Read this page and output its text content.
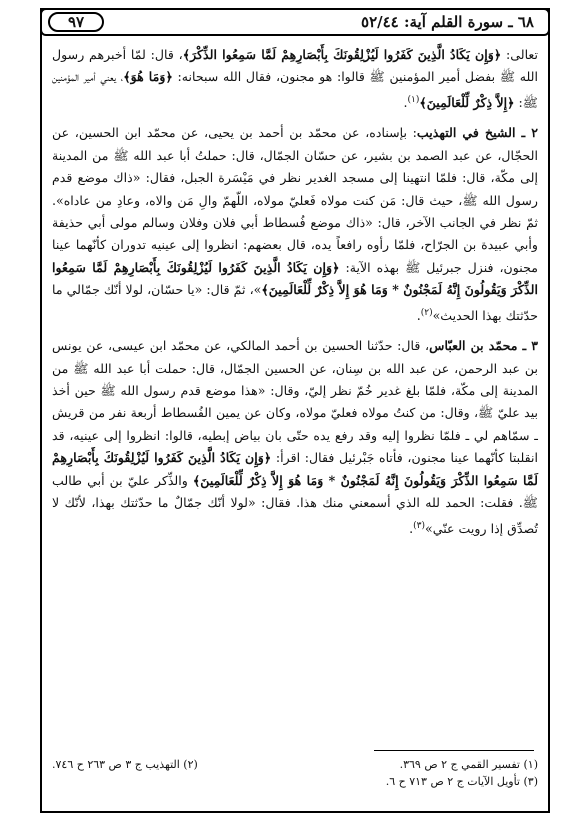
٩٧	٦٨ ـ سورة القلم آية: ٥٢/٤٤

تعالى: ﴿وَإِن يَكَادُ الَّذِينَ كَفَرُوا لَيُزْلِقُونَكَ بِأَبْصَارِهِمْ لَمَّا سَمِعُوا الذِّكْرَ﴾، قال: لمّا أخبرهم رسول الله ﷺ بفضل أمير المؤمنين ﷺ قالوا: هو مجنون، فقال الله سبحانه: ﴿وَمَا هُوَ﴾، يعني أمير المؤمنين ﷺ: ﴿إِلاَّ ذِكْرٌ لِّلْعَالَمِينَ﴾$^{(١)}$.

٢ ـ الشيخ في التهذيب: بإسناده، عن محمّد بن أحمد بن يحيى، عن محمّد ابن الحسين، عن الحجّال، عن عبد الصمد بن بشير، عن حسّان الجمّال، قال: حملتُ أبا عبد الله ﷺ من المدينة إلى مكّة، قال: فلمّا انتهينا إلى مسجد الغدير نظر في مَيْسَرة الجبل، فقال: «ذاك موضع قدم رسول الله ﷺ، حيث قال: مَن كنت مولاه فَعليّ مولاه، اللّهمّ والِ مَن والاه، وعادِ من عاداه». ثمّ نظر في الجانب الآخر، قال: «ذاك موضع فُسطاط أبي فلان وفلان وسالم مولى أبي حذيفة وأبي عبيدة بن الجرّاح، فلمّا رأوه رافعاً يده، قال بعضهم: انظروا إلى عينيه تدوران كأنّهما عينا مجنون، فنزل جبرئيل ﷺ بهذه الآية: ﴿وَإِن يَكَادُ الَّذِينَ كَفَرُوا لَيُزْلِقُونَكَ بِأَبْصَارِهِمْ لَمَّا سَمِعُوا الذِّكْرَ وَيَقُولُونَ إِنَّهُ لَمَجْنُونٌ * وَمَا هُوَ إِلاَّ ذِكْرٌ لِّلْعَالَمِينَ﴾»، ثمّ قال: «يا حسّان، لولا أنّك جمّالي ما حدّثتك بهذا الحديث»$^{(٢)}$.

٣ ـ محمّد بن العبّاس، قال: حدّثنا الحسين بن أحمد المالكي، عن محمّد ابن عيسى، عن يونس بن عبد الرحمن، عن عبد الله بن سِنان، عن الحسين الجمّال، قال: حملت أبا عبد الله ﷺ من المدينة إلى مكّة، فلمّا بلغ غدير خُمّ نظر إليّ، وقال: «هذا موضع قدم رسول الله ﷺ حين أخذ بيد عليّ ﷺ، وقال: من كنتُ مولاه فعليّ مولاه، وكان عن يمين الفُسطاط أربعة نفر من قريش ـ سمّاهم لي ـ فلمّا نظروا إليه وقد رفع يده حتّى بان بياض إبطيه، قالوا: انظروا إلى عينيه، قد انقلبتا كأنّهما عينا مجنون، فأتاه جَبْرئيل فقال: اقرأ: ﴿وَإِن يَكَادُ الَّذِينَ كَفَرُوا لَيُزْلِقُونَكَ بِأَبْصَارِهِمْ لَمَّا سَمِعُوا الذِّكْرَ وَيَقُولُونَ إِنَّهُ لَمَجْنُونٌ * وَمَا هُوَ إِلاَّ ذِكْرٌ لِّلْعَالَمِينَ﴾ والذِّكر عليّ بن أبي طالب ﷺ. فقلت: الحمد لله الذي أسمعني منك هذا. فقال: «لولا أنّك جمّالٌ ما حدّثتك بهذا، لأنّك لا تُصدِّق إذا رويت عنّي»$^{(٣)}$.

(١) تفسير القمي ج ٢ ص ٣٦٩.
(٢) التهذيب ج ٣ ص ٢٦٣ ح ٧٤٦.
(٣) تأويل الآيات ج ٢ ص ٧١٣ ح ٦.
